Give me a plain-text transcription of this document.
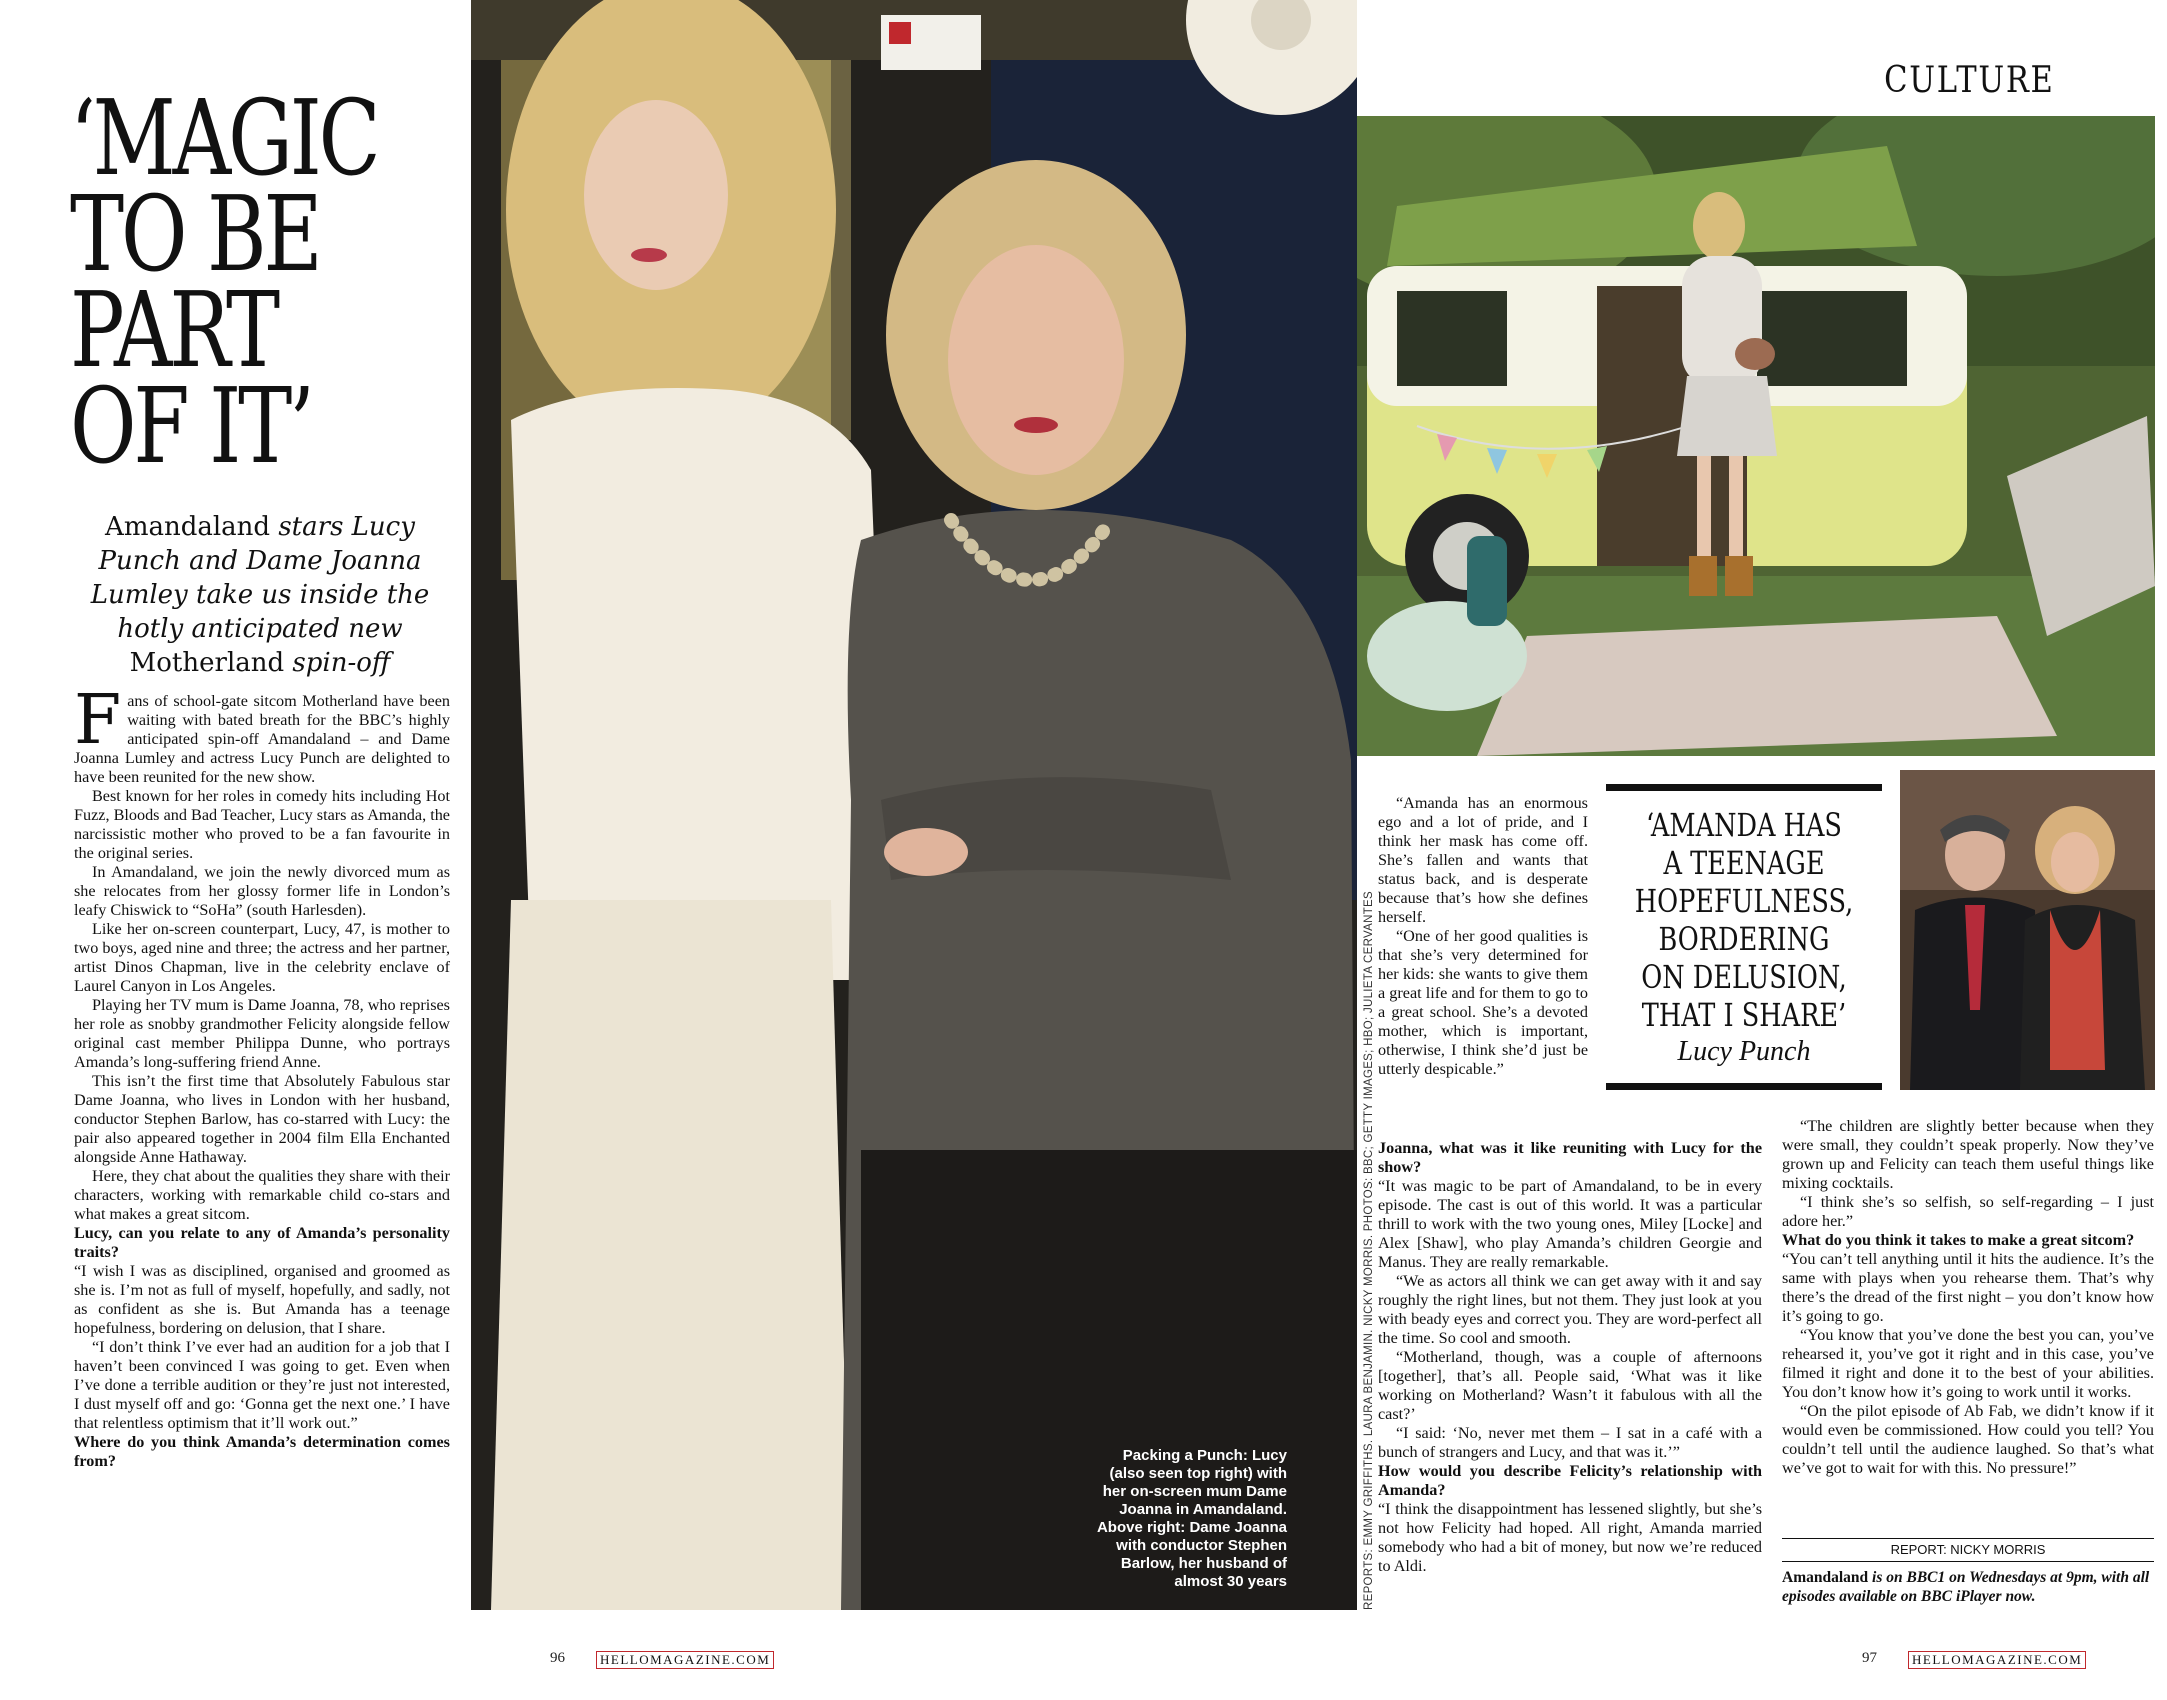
‘MAGIC
TO BE
PART
OF IT’
Amandaland stars Lucy Punch and Dame Joanna Lumley take us inside the hotly anticipated new Motherland spin-off

Fans of school-gate sitcom Motherland have been waiting with bated breath for the BBC’s highly anticipated spin-off Amandaland – and Dame Joanna Lumley and actress Lucy Punch are delighted to have been reunited for the new show.

Best known for her roles in comedy hits including Hot Fuzz, Bloods and Bad Teacher, Lucy stars as Amanda, the narcissistic mother who proved to be a fan favourite in the original series.

In Amandaland, we join the newly divorced mum as she relocates from her glossy former life in London’s leafy Chiswick to “SoHa” (south Harlesden).

Like her on-screen counterpart, Lucy, 47, is mother to two boys, aged nine and three; the actress and her partner, artist Dinos Chapman, live in the celebrity enclave of Laurel Canyon in Los Angeles.

Playing her TV mum is Dame Joanna, 78, who reprises her role as snobby grandmother Felicity alongside fellow original cast member Philippa Dunne, who portrays Amanda’s long-suffering friend Anne.

This isn’t the first time that Absolutely Fabulous star Dame Joanna, who lives in London with her husband, conductor Stephen Barlow, has co-starred with Lucy: the pair also appeared together in 2004 film Ella Enchanted alongside Anne Hathaway.

Here, they chat about the qualities they share with their characters, working with remarkable child co-stars and what makes a great sitcom.

Lucy, can you relate to any of Amanda’s personality traits?

“I wish I was as disciplined, organised and groomed as she is. I’m not as full of myself, hopefully, and sadly, not as confident as she is. But Amanda has a teenage hopefulness, bordering on delusion, that I share.

“I don’t think I’ve ever had an audition for a job that I haven’t been convinced I was going to get. Even when I’ve done a terrible audition or they’re just not interested, I dust myself off and go: ‘Gonna get the next one.’ I have that relentless optimism that it’ll work out.”

Where do you think Amanda’s determination comes from?	Packing a Punch: Lucy
(also seen top right) with
her on-screen mum Dame
Joanna in Amandaland.
Above right: Dame Joanna
with conductor Stephen
Barlow, her husband of
almost 30 years
96	HELLOMAGAZINE.COM
CULTURE
REPORTS: EMMY GRIFFITHS. LAURA BENJAMIN. NICKY MORRIS. PHOTOS: BBC; GETTY IMAGES; HBO; JULIETA CERVANTES
‘AMANDA HAS
A TEENAGE
HOPEFULNESS,
BORDERING
ON DELUSION,
THAT I SHARE’
Lucy Punch

“Amanda has an enormous ego and a lot of pride, and I think her mask has come off. She’s fallen and wants that status back, and is desperate because that’s how she defines herself.

“One of her good qualities is that she’s very determined for her kids: she wants to give them a great life and for them to go to a great school. She’s a devoted mother, which is important, otherwise, I think she’d just be utterly despicable.”

Joanna, what was it like reuniting with Lucy for the show?

“It was magic to be part of Amandaland, to be in every episode. The cast is out of this world. It was a particular thrill to work with the two young ones, Miley [Locke] and Alex [Shaw], who play Amanda’s children Georgie and Manus. They are really remarkable.

“We as actors all think we can get away with it and say roughly the right lines, but not them. They just look at you with beady eyes and correct you. They are word-perfect all the time. So cool and smooth.

“Motherland, though, was a couple of afternoons [together], that’s all. People said, ‘What was it like working on Motherland? Wasn’t it fabulous with all the cast?’

“I said: ‘No, never met them – I sat in a café with a bunch of strangers and Lucy, and that was it.’”

How would you describe Felicity’s relationship with Amanda?

“I think the disappointment has lessened slightly, but she’s not how Felicity had hoped. All right, Amanda married somebody who had a bit of money, but now we’re reduced to Aldi.

“The children are slightly better because when they were small, they couldn’t speak properly. Now they’ve grown up and Felicity can teach them useful things like mixing cocktails.

“I think she’s so selfish, so self-regarding – I just adore her.”

What do you think it takes to make a great sitcom?

“You can’t tell anything until it hits the audience. It’s the same with plays when you rehearse them. That’s why there’s the dread of the first night – you don’t know how it’s going to go.

“You know that you’ve done the best you can, you’ve rehearsed it, you’ve got it right and in this case, you’ve filmed it right and done it to the best of your abilities. You don’t know how it’s going to work until it works.

“On the pilot episode of Ab Fab, we didn’t know if it would even be commissioned. How could you tell? You couldn’t tell until the audience laughed. So that’s what we’ve got to wait for with this. No pressure!”

REPORT: NICKY MORRIS
Amandaland is on BBC1 on Wednesdays at 9pm, with all episodes available on BBC iPlayer now.
97	HELLOMAGAZINE.COM
